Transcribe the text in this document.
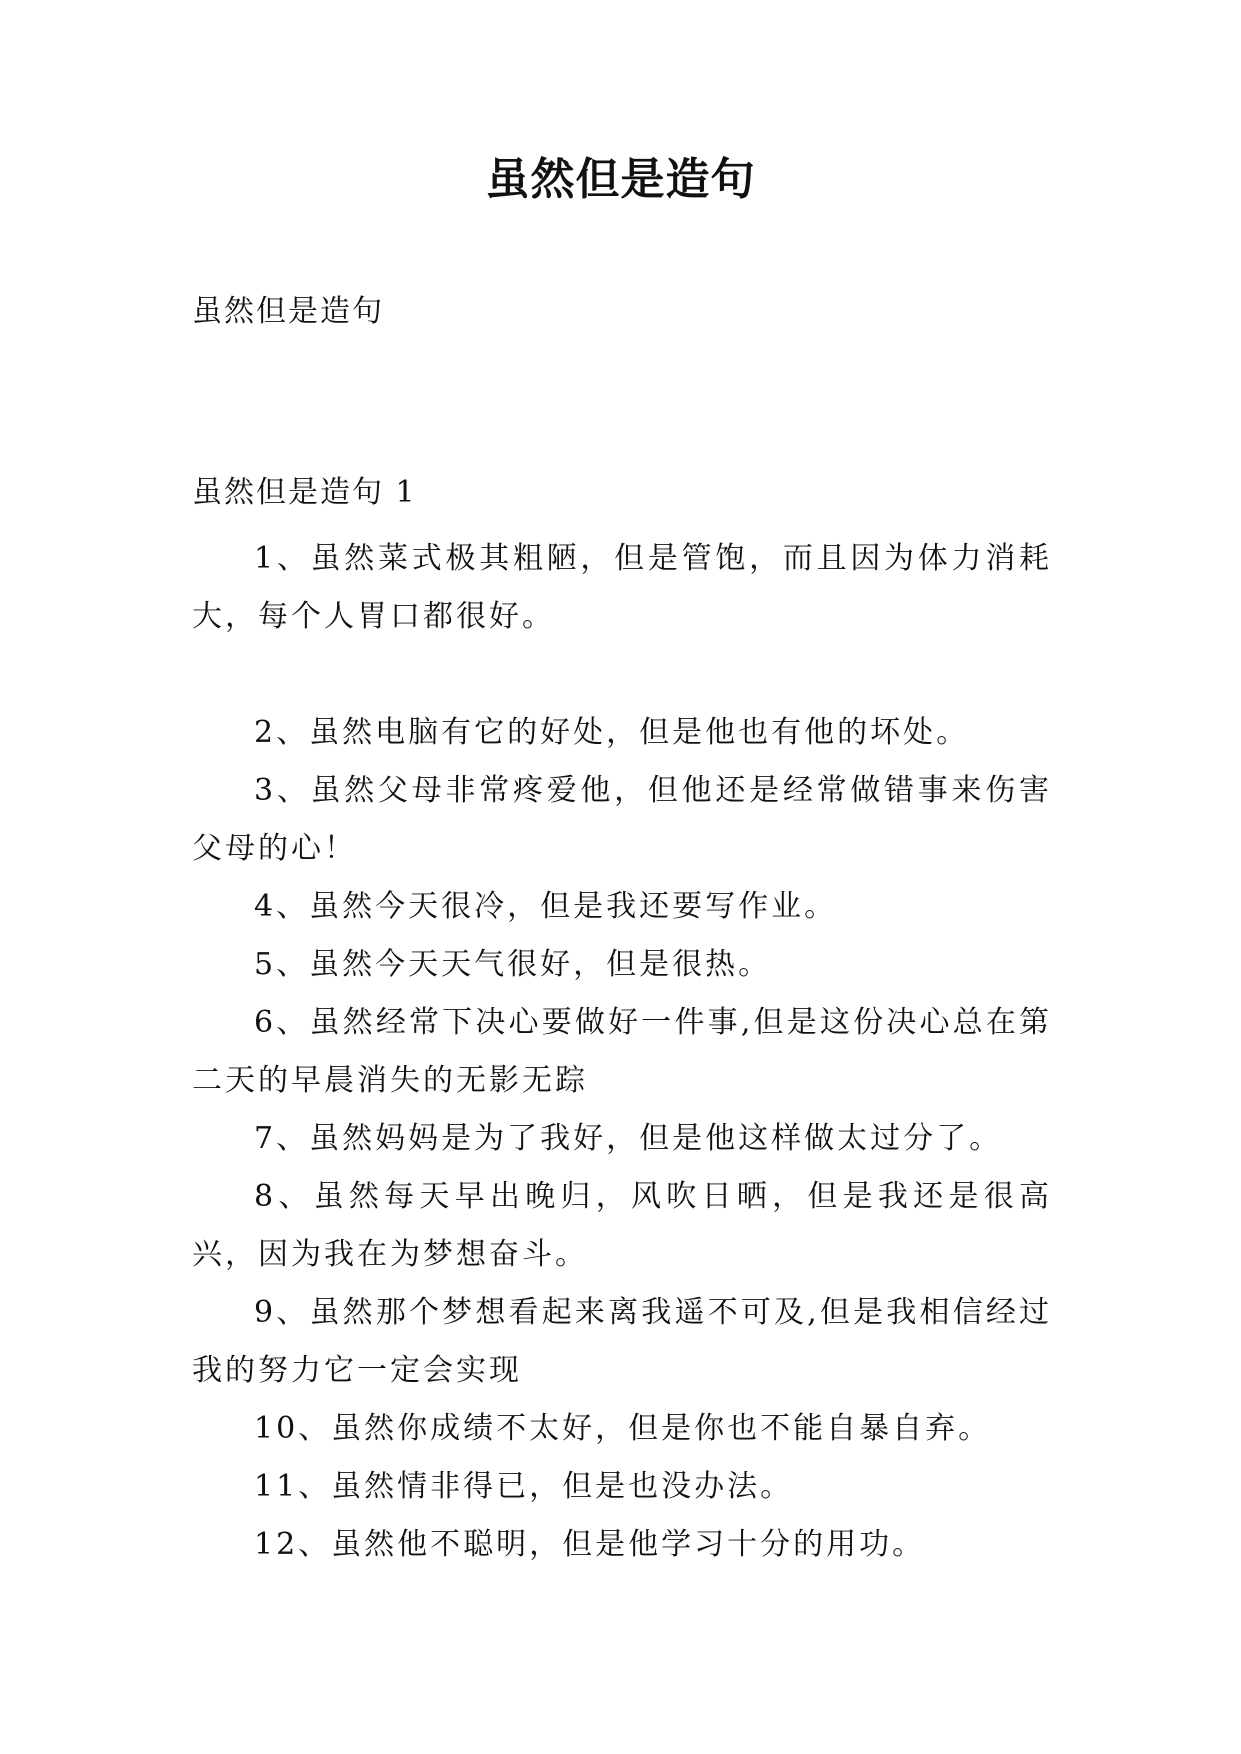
虽然但是造句
虽然但是造句
虽然但是造句 1

1、虽然菜式极其粗陋，但是管饱，而且因为体力消耗大，每个人胃口都很好。

2、虽然电脑有它的好处，但是他也有他的坏处。

3、虽然父母非常疼爱他，但他还是经常做错事来伤害父母的心！

4、虽然今天很冷，但是我还要写作业。

5、虽然今天天气很好，但是很热。

6、虽然经常下决心要做好一件事,但是这份决心总在第二天的早晨消失的无影无踪

7、虽然妈妈是为了我好，但是他这样做太过分了。

8、虽然每天早出晚归，风吹日晒，但是我还是很高兴，因为我在为梦想奋斗。

9、虽然那个梦想看起来离我遥不可及,但是我相信经过我的努力它一定会实现

10、虽然你成绩不太好，但是你也不能自暴自弃。

11、虽然情非得已，但是也没办法。

12、虽然他不聪明，但是他学习十分的用功。
